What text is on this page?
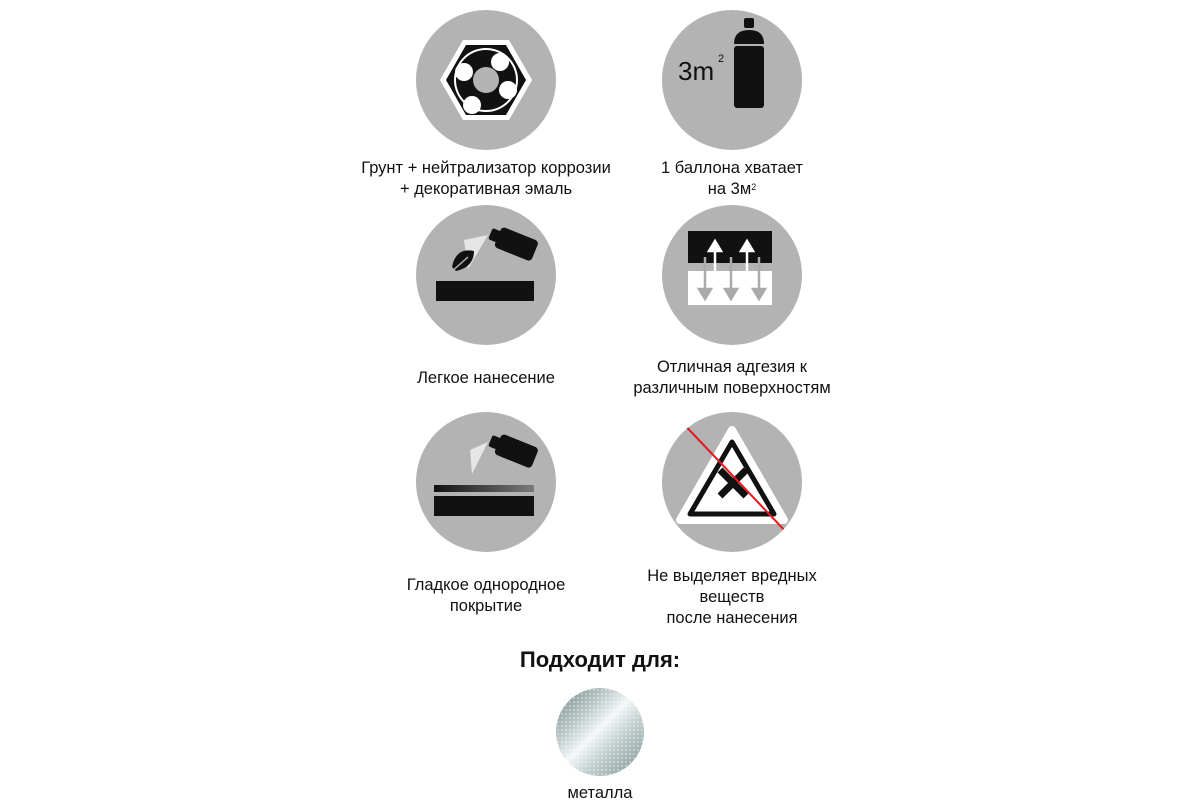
Грунт + нейтрализатор коррозии
+ декоративная эмаль
3m 2
1 баллона хватает
на $3м^2$
Легкое нанесение
Отличная адгезия к
различным поверхностям
Гладкое однородное
покрытие
Не выделяет вредных
веществ
после нанесения
Подходит для:
металла
